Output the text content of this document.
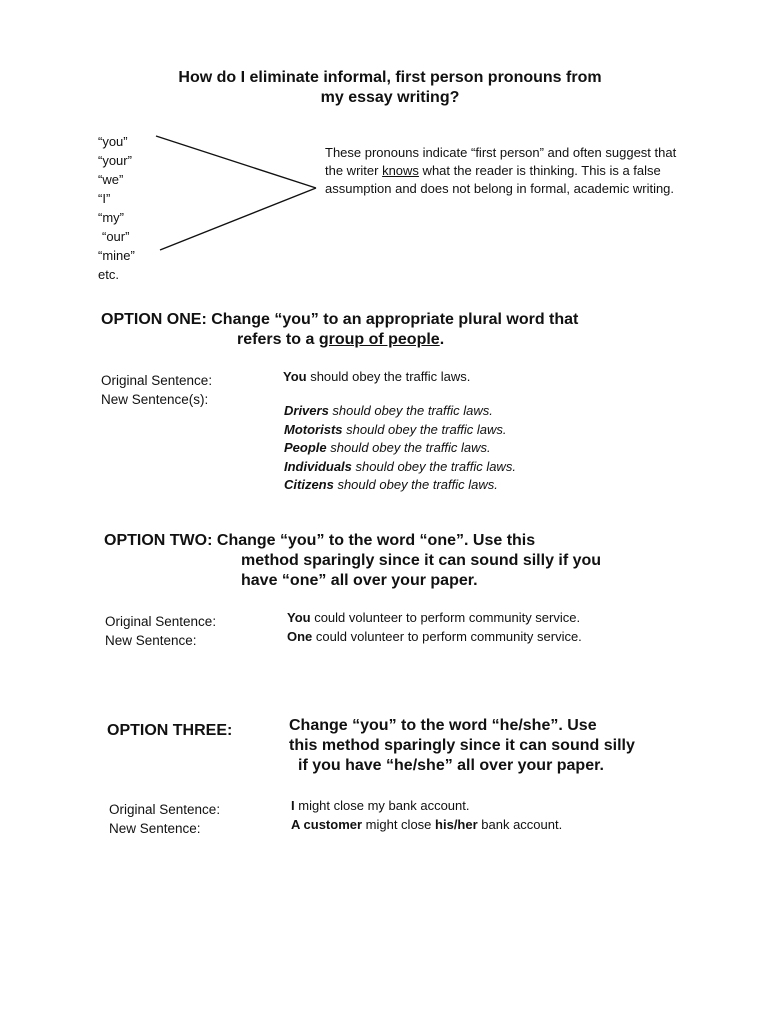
How do I eliminate informal, first person pronouns from
my essay writing?
“you”
“your”
“we”
“I”
“my”
“our”
“mine”
etc.
These pronouns indicate “first person” and often suggest that the writer knows what the reader is thinking. This is a false assumption and does not belong in formal, academic writing.
OPTION ONE: Change “you” to an appropriate plural word that
refers to a group of people.
Original Sentence:
New Sentence(s):
You should obey the traffic laws.
Drivers should obey the traffic laws.
Motorists should obey the traffic laws.
People should obey the traffic laws.
Individuals should obey the traffic laws.
Citizens should obey the traffic laws.
OPTION TWO: Change “you” to the word “one”. Use this
method sparingly since it can sound silly if you
have “one” all over your paper.
Original Sentence:
New Sentence:
You could volunteer to perform community service.
One could volunteer to perform community service.
OPTION THREE:	Change “you” to the word “he/she”. Use
this method sparingly since it can sound silly
if you have “he/she” all over your paper.
Original Sentence:
New Sentence:
I might close my bank account.
A customer might close his/her bank account.
